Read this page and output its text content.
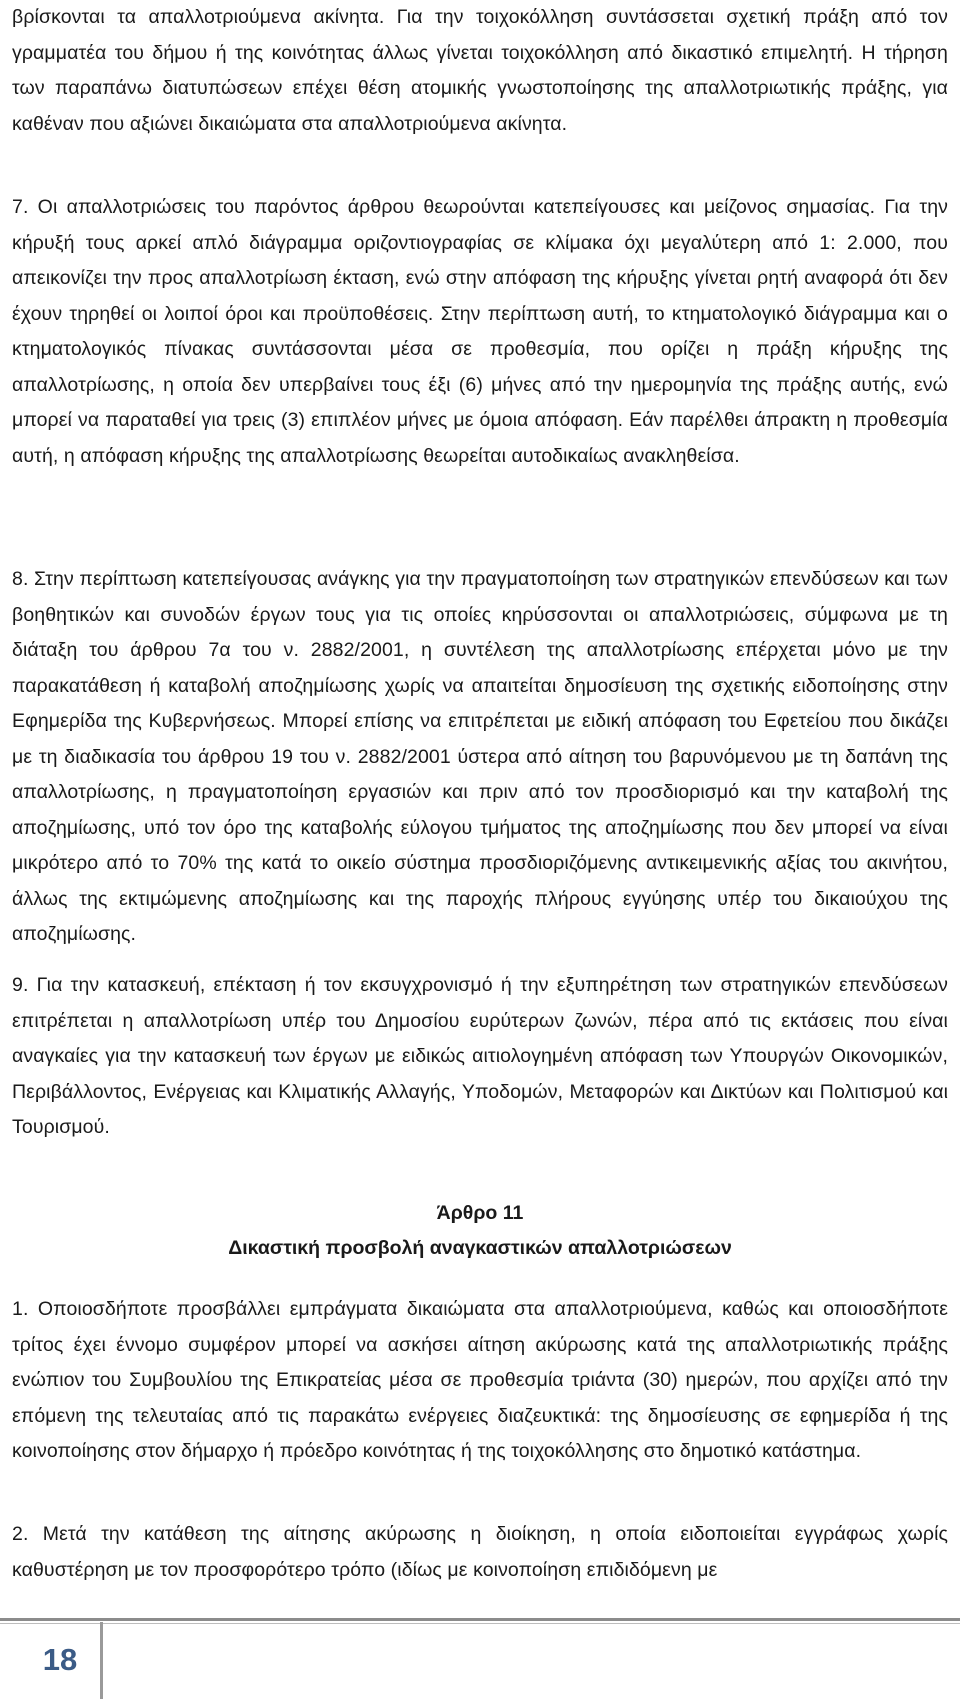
βρίσκονται τα απαλλοτριούμενα ακίνητα. Για την τοιχοκόλληση συντάσσεται σχετική πράξη από τον γραμματέα του δήμου ή της κοινότητας άλλως γίνεται τοιχοκόλληση από δικαστικό επιμελητή. Η τήρηση των παραπάνω διατυπώσεων επέχει θέση ατομικής γνωστοποίησης της απαλλοτριωτικής πράξης, για καθέναν που αξιώνει δικαιώματα στα απαλλοτριούμενα ακίνητα.

7. Οι απαλλοτριώσεις του παρόντος άρθρου θεωρούνται κατεπείγουσες και μείζονος σημασίας. Για την κήρυξή τους αρκεί απλό διάγραμμα οριζοντιογραφίας σε κλίμακα όχι μεγαλύτερη από 1: 2.000, που απεικονίζει την προς απαλλοτρίωση έκταση, ενώ στην απόφαση της κήρυξης γίνεται ρητή αναφορά ότι δεν έχουν τηρηθεί οι λοιποί όροι και προϋποθέσεις. Στην περίπτωση αυτή, το κτηματολογικό διάγραμμα και ο κτηματολογικός πίνακας συντάσσονται μέσα σε προθεσμία, που ορίζει η πράξη κήρυξης της απαλλοτρίωσης, η οποία δεν υπερβαίνει τους έξι (6) μήνες από την ημερομηνία της πράξης αυτής, ενώ μπορεί να παραταθεί για τρεις (3) επιπλέον μήνες με όμοια απόφαση. Εάν παρέλθει άπρακτη η προθεσμία αυτή, η απόφαση κήρυξης της απαλλοτρίωσης θεωρείται αυτοδικαίως ανακληθείσα.

8. Στην περίπτωση κατεπείγουσας ανάγκης για την πραγματοποίηση των στρατηγικών επενδύσεων και των βοηθητικών και συνοδών έργων τους για τις οποίες κηρύσσονται οι απαλλοτριώσεις, σύμφωνα με τη διάταξη του άρθρου 7α του ν. 2882/2001, η συντέλεση της απαλλοτρίωσης επέρχεται μόνο με την παρακατάθεση ή καταβολή αποζημίωσης χωρίς να απαιτείται δημοσίευση της σχετικής ειδοποίησης στην Εφημερίδα της Κυβερνήσεως. Μπορεί επίσης να επιτρέπεται με ειδική απόφαση του Εφετείου που δικάζει με τη διαδικασία του άρθρου 19 του ν. 2882/2001 ύστερα από αίτηση του βαρυνόμενου με τη δαπάνη της απαλλοτρίωσης, η πραγματοποίηση εργασιών και πριν από τον προσδιορισμό και την καταβολή της αποζημίωσης, υπό τον όρο της καταβολής εύλογου τμήματος της αποζημίωσης που δεν μπορεί να είναι μικρότερο από το 70% της κατά το οικείο σύστημα προσδιοριζόμενης αντικειμενικής αξίας του ακινήτου, άλλως της εκτιμώμενης αποζημίωσης και της παροχής πλήρους εγγύησης υπέρ του δικαιούχου της αποζημίωσης.

9. Για την κατασκευή, επέκταση ή τον εκσυγχρονισμό ή την εξυπηρέτηση των στρατηγικών επενδύσεων επιτρέπεται η απαλλοτρίωση υπέρ του Δημοσίου ευρύτερων ζωνών, πέρα από τις εκτάσεις που είναι αναγκαίες για την κατασκευή των έργων με ειδικώς αιτιολογημένη απόφαση των Υπουργών Οικονομικών, Περιβάλλοντος, Ενέργειας και Κλιματικής Αλλαγής, Υποδομών, Μεταφορών και Δικτύων και Πολιτισμού και Τουρισμού.

Άρθρο 11
Δικαστική προσβολή αναγκαστικών απαλλοτριώσεων

1. Οποιοσδήποτε προσβάλλει εμπράγματα δικαιώματα στα απαλλοτριούμενα, καθώς και οποιοσδήποτε τρίτος έχει έννομο συμφέρον μπορεί να ασκήσει αίτηση ακύρωσης κατά της απαλλοτριωτικής πράξης ενώπιον του Συμβουλίου της Επικρατείας μέσα σε προθεσμία τριάντα (30) ημερών, που αρχίζει από την επόμενη της τελευταίας από τις παρακάτω ενέργειες διαζευκτικά: της δημοσίευσης σε εφημερίδα ή της κοινοποίησης στον δήμαρχο ή πρόεδρο κοινότητας ή της τοιχοκόλλησης στο δημοτικό κατάστημα.

2. Μετά την κατάθεση της αίτησης ακύρωσης η διοίκηση, η οποία ειδοποιείται εγγράφως χωρίς καθυστέρηση με τον προσφορότερο τρόπο (ιδίως με κοινοποίηση επιδιδόμενη με

18
